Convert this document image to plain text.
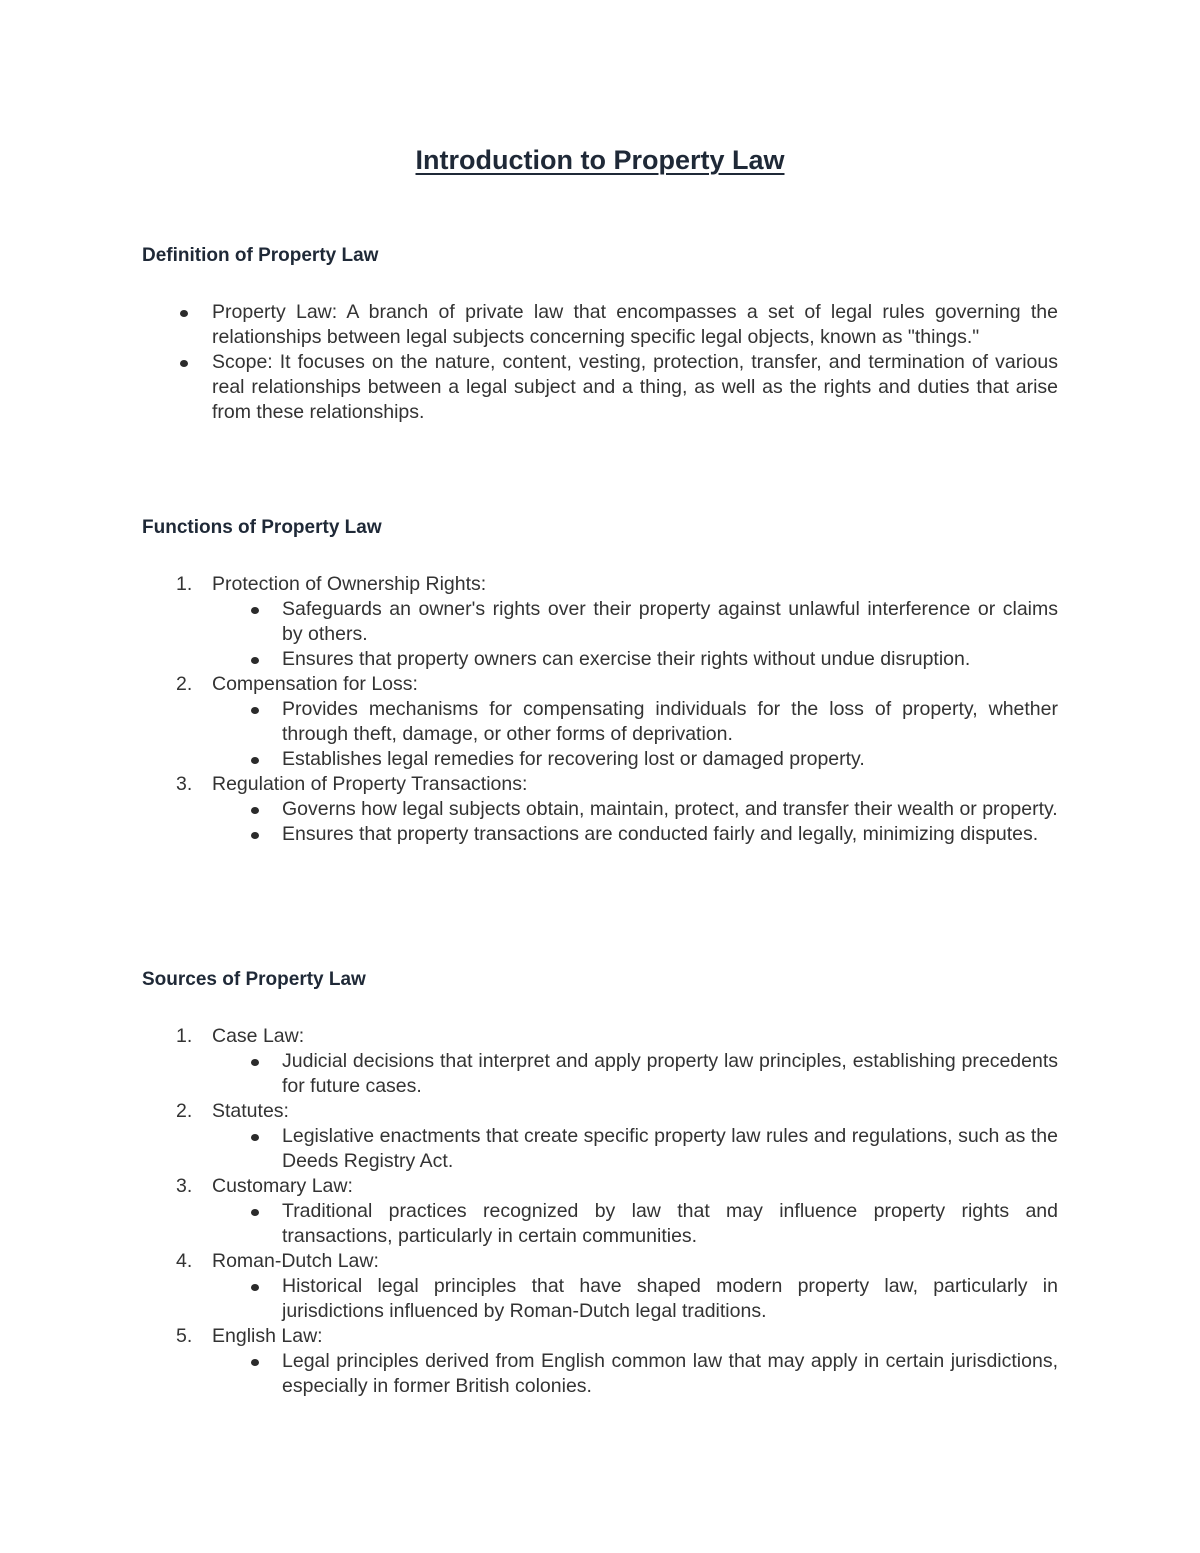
Introduction to Property Law
Definition of Property Law
Property Law: A branch of private law that encompasses a set of legal rules governing the relationships between legal subjects concerning specific legal objects, known as "things."
Scope: It focuses on the nature, content, vesting, protection, transfer, and termination of various real relationships between a legal subject and a thing, as well as the rights and duties that arise from these relationships.
Functions of Property Law
1. Protection of Ownership Rights:
Safeguards an owner's rights over their property against unlawful interference or claims by others.
Ensures that property owners can exercise their rights without undue disruption.
2. Compensation for Loss:
Provides mechanisms for compensating individuals for the loss of property, whether through theft, damage, or other forms of deprivation.
Establishes legal remedies for recovering lost or damaged property.
3. Regulation of Property Transactions:
Governs how legal subjects obtain, maintain, protect, and transfer their wealth or property.
Ensures that property transactions are conducted fairly and legally, minimizing disputes.
Sources of Property Law
1. Case Law:
Judicial decisions that interpret and apply property law principles, establishing precedents for future cases.
2. Statutes:
Legislative enactments that create specific property law rules and regulations, such as the Deeds Registry Act.
3. Customary Law:
Traditional practices recognized by law that may influence property rights and transactions, particularly in certain communities.
4. Roman-Dutch Law:
Historical legal principles that have shaped modern property law, particularly in jurisdictions influenced by Roman-Dutch legal traditions.
5. English Law:
Legal principles derived from English common law that may apply in certain jurisdictions, especially in former British colonies.
